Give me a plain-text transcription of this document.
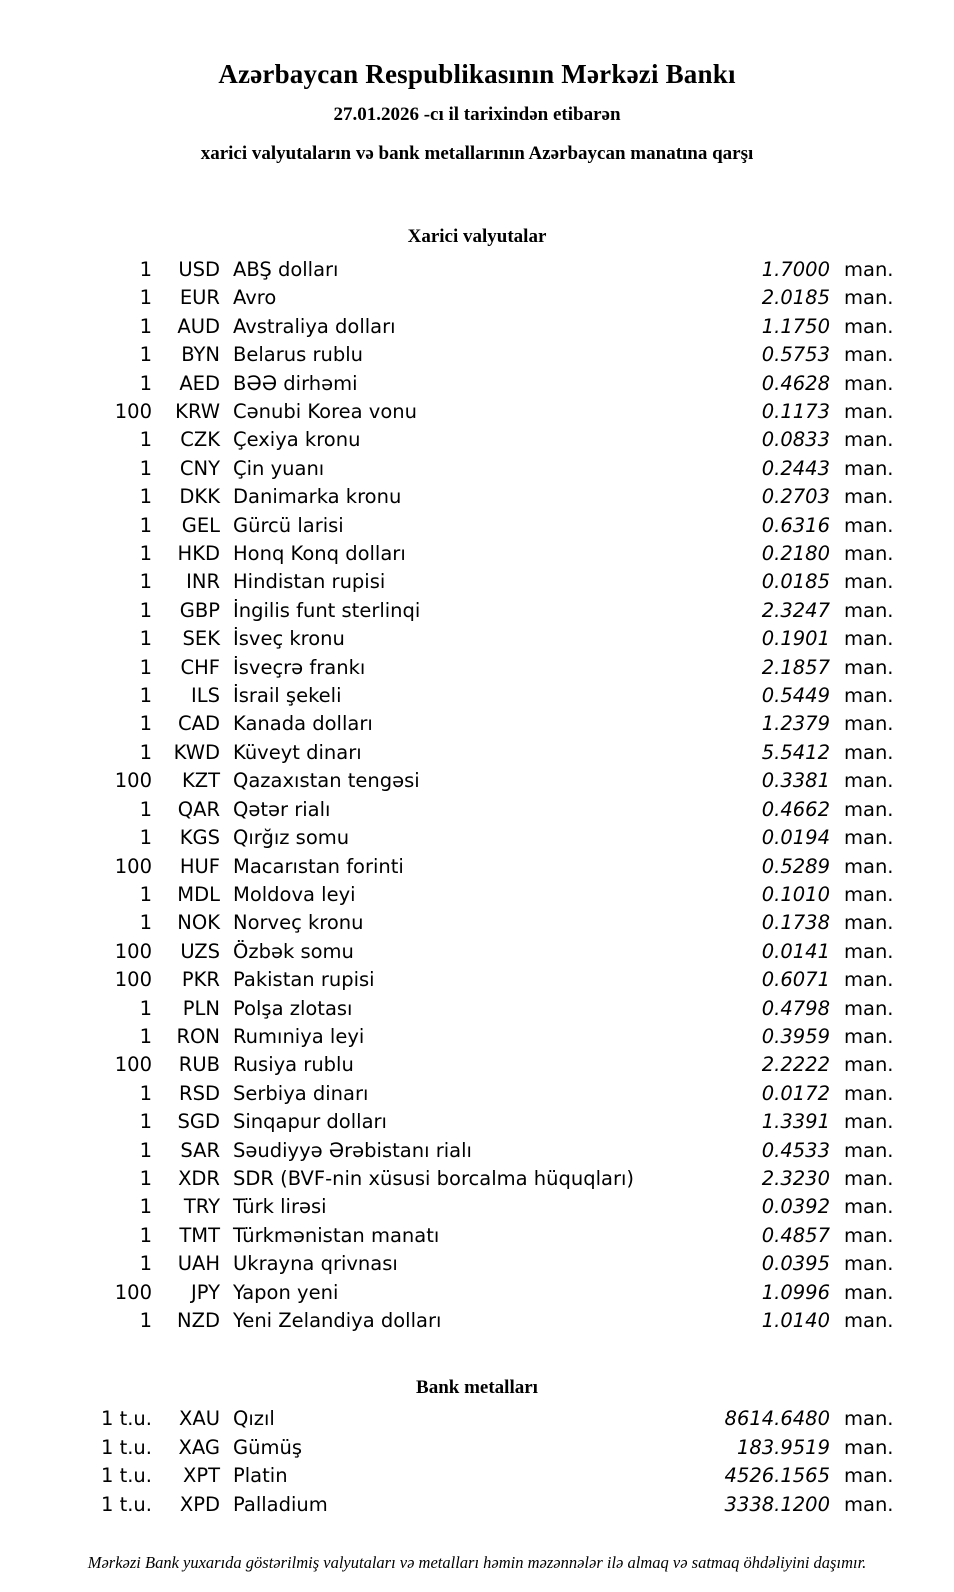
Azərbaycan Respublikasının Mərkəzi Bankı
27.01.2026 -cı il tarixindən etibarən
xarici valyutaların və bank metallarının Azərbaycan manatına qarşı
Xarici valyutalar
1	USD	ABŞ dolları	1.7000	man.
1	EUR	Avro	2.0185	man.
1	AUD	Avstraliya dolları	1.1750	man.
1	BYN	Belarus rublu	0.5753	man.
1	AED	BƏƏ dirhəmi	0.4628	man.
100	KRW	Cənubi Korea vonu	0.1173	man.
1	CZK	Çexiya kronu	0.0833	man.
1	CNY	Çin yuanı	0.2443	man.
1	DKK	Danimarka kronu	0.2703	man.
1	GEL	Gürcü larisi	0.6316	man.
1	HKD	Honq Konq dolları	0.2180	man.
1	INR	Hindistan rupisi	0.0185	man.
1	GBP	İngilis funt sterlinqi	2.3247	man.
1	SEK	İsveç kronu	0.1901	man.
1	CHF	İsveçrə frankı	2.1857	man.
1	ILS	İsrail şekeli	0.5449	man.
1	CAD	Kanada dolları	1.2379	man.
1	KWD	Küveyt dinarı	5.5412	man.
100	KZT	Qazaxıstan tengəsi	0.3381	man.
1	QAR	Qətər rialı	0.4662	man.
1	KGS	Qırğız somu	0.0194	man.
100	HUF	Macarıstan forinti	0.5289	man.
1	MDL	Moldova leyi	0.1010	man.
1	NOK	Norveç kronu	0.1738	man.
100	UZS	Özbək somu	0.0141	man.
100	PKR	Pakistan rupisi	0.6071	man.
1	PLN	Polşa zlotası	0.4798	man.
1	RON	Rumıniya leyi	0.3959	man.
100	RUB	Rusiya rublu	2.2222	man.
1	RSD	Serbiya dinarı	0.0172	man.
1	SGD	Sinqapur dolları	1.3391	man.
1	SAR	Səudiyyə Ərəbistanı rialı	0.4533	man.
1	XDR	SDR (BVF-nin xüsusi borcalma hüquqları)	2.3230	man.
1	TRY	Türk lirəsi	0.0392	man.
1	TMT	Türkmənistan manatı	0.4857	man.
1	UAH	Ukrayna qrivnası	0.0395	man.
100	JPY	Yapon yeni	1.0996	man.
1	NZD	Yeni Zelandiya dolları	1.0140	man.
Bank metalları
1 t.u.	XAU	Qızıl	8614.6480	man.
1 t.u.	XAG	Gümüş	183.9519	man.
1 t.u.	XPT	Platin	4526.1565	man.
1 t.u.	XPD	Palladium	3338.1200	man.
Mərkəzi Bank yuxarıda göstərilmiş valyutaları və metalları həmin məzənnələr ilə almaq və satmaq öhdəliyini daşımır.
